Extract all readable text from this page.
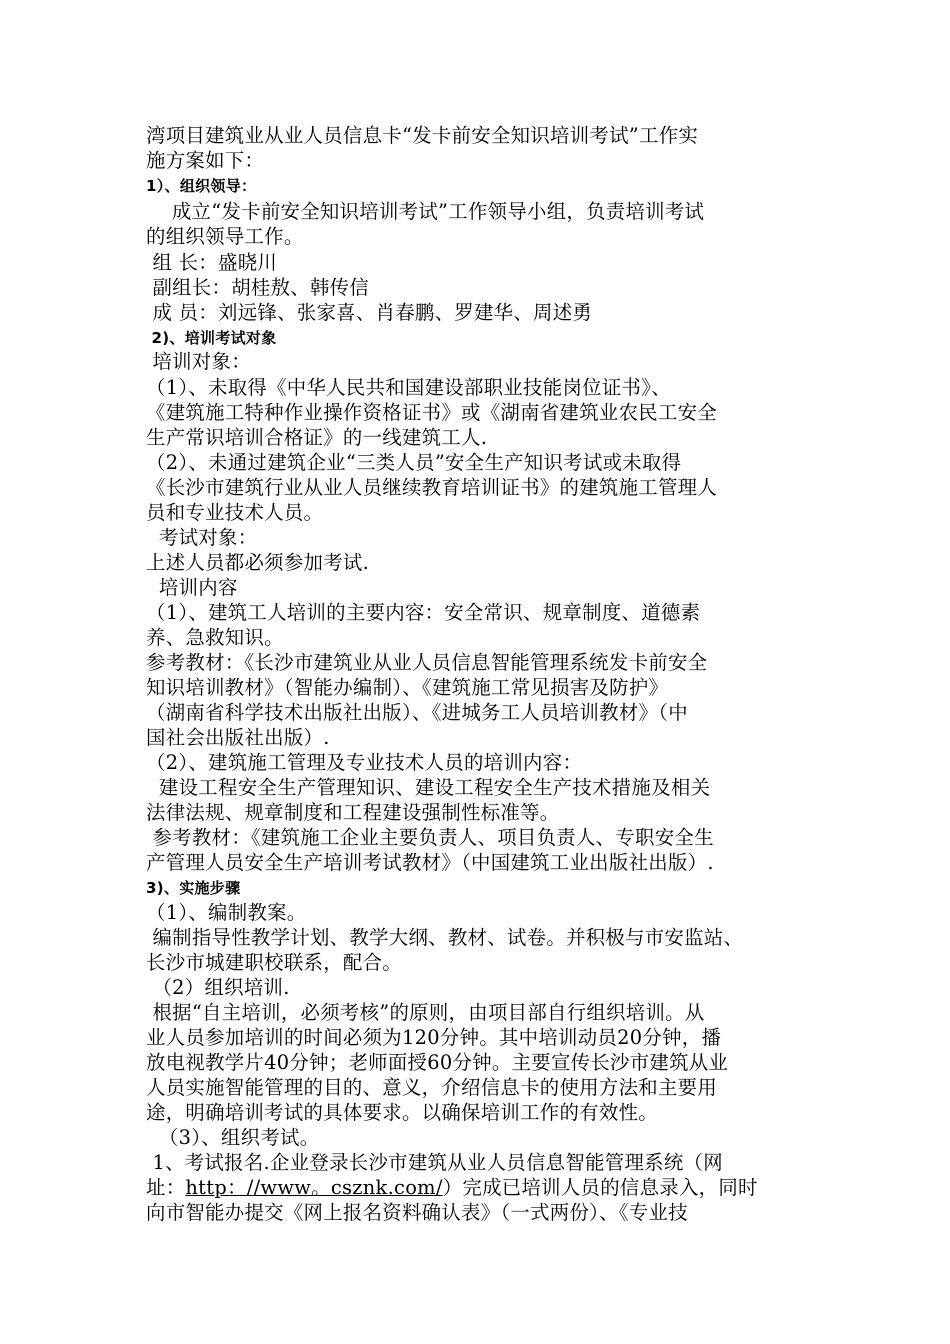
湾项目建筑业从业人员信息卡“发卡前安全知识培训考试”工作实
施方案如下：
1）、组织领导：
成立“发卡前安全知识培训考试”工作领导小组，负责培训考试
的组织领导工作。
组 长：盛晓川
副组长：胡桂敖、韩传信
成 员：刘远锋、张家喜、肖春鹏、罗建华、周述勇
2)、培训考试对象
培训对象：
（1）、未取得《中华人民共和国建设部职业技能岗位证书》、
《建筑施工特种作业操作资格证书》或《湖南省建筑业农民工安全
生产常识培训合格证》的一线建筑工人.
（2）、未通过建筑企业“三类人员”安全生产知识考试或未取得
《长沙市建筑行业从业人员继续教育培训证书》的建筑施工管理人
员和专业技术人员。
考试对象：
上述人员都必须参加考试.
培训内容
（1）、建筑工人培训的主要内容：安全常识、规章制度、道德素
养、急救知识。
参考教材：《长沙市建筑业从业人员信息智能管理系统发卡前安全
知识培训教材》（智能办编制）、《建筑施工常见损害及防护》
（湖南省科学技术出版社出版）、《进城务工人员培训教材》（中
国社会出版社出版）.
（2）、建筑施工管理及专业技术人员的培训内容：
建设工程安全生产管理知识、建设工程安全生产技术措施及相关
法律法规、规章制度和工程建设强制性标准等。
参考教材：《建筑施工企业主要负责人、项目负责人、专职安全生
产管理人员安全生产培训考试教材》（中国建筑工业出版社出版）.
3)、实施步骤
（1）、编制教案。
编制指导性教学计划、教学大纲、教材、试卷。并积极与市安监站、
长沙市城建职校联系，配合。
（2）组织培训.
根据“自主培训，必须考核”的原则，由项目部自行组织培训。从
业人员参加培训的时间必须为120分钟。其中培训动员20分钟，播
放电视教学片40分钟；老师面授60分钟。主要宣传长沙市建筑从业
人员实施智能管理的目的、意义，介绍信息卡的使用方法和主要用
途，明确培训考试的具体要求。以确保培训工作的有效性。
（3）、组织考试。
1、考试报名.企业登录长沙市建筑从业人员信息智能管理系统（网
址：http：//www。csznk.com/）完成已培训人员的信息录入，同时
向市智能办提交《网上报名资料确认表》（一式两份）、《专业技
